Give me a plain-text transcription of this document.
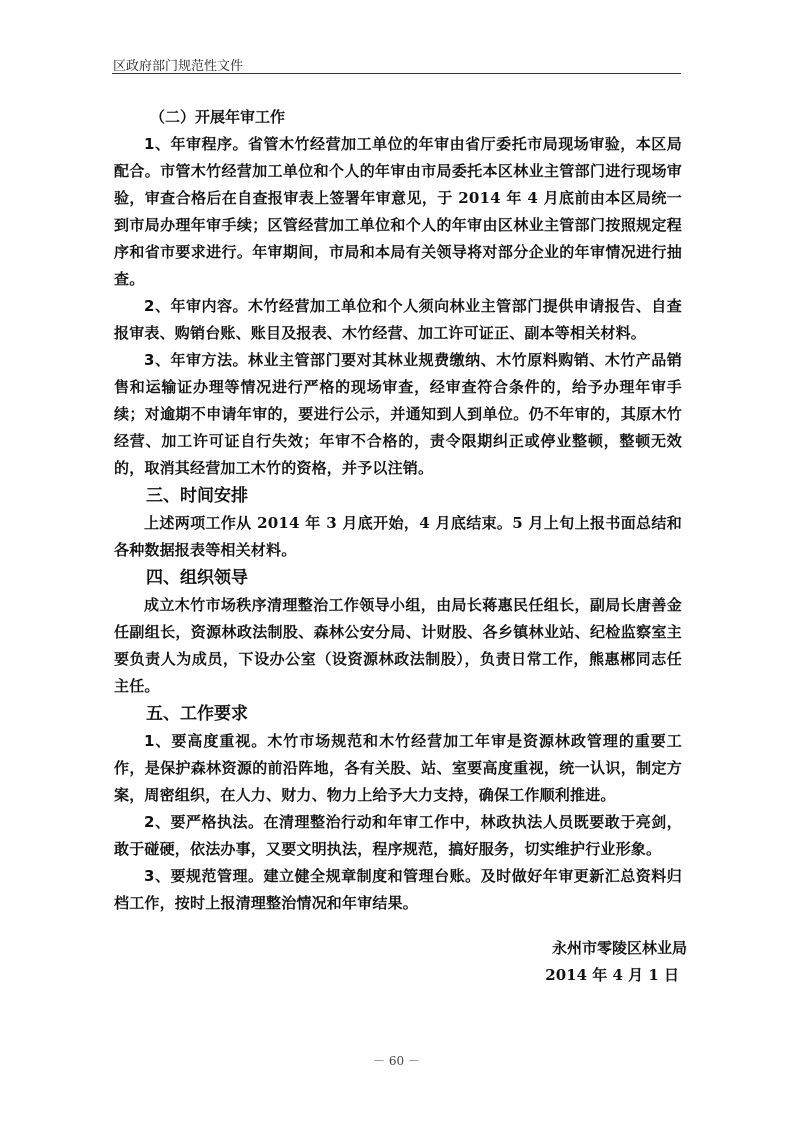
区政府部门规范性文件

（二）开展年审工作

1、年审程序。省管木竹经营加工单位的年审由省厅委托市局现场审验，本区局配合。市管木竹经营加工单位和个人的年审由市局委托本区林业主管部门进行现场审验，审查合格后在自查报审表上签署年审意见，于 2014 年 4 月底前由本区局统一到市局办理年审手续；区管经营加工单位和个人的年审由区林业主管部门按照规定程序和省市要求进行。年审期间，市局和本局有关领导将对部分企业的年审情况进行抽查。

2、年审内容。木竹经营加工单位和个人须向林业主管部门提供申请报告、自查报审表、购销台账、账目及报表、木竹经营、加工许可证正、副本等相关材料。

3、年审方法。林业主管部门要对其林业规费缴纳、木竹原料购销、木竹产品销售和运输证办理等情况进行严格的现场审查，经审查符合条件的，给予办理年审手续；对逾期不申请年审的，要进行公示，并通知到人到单位。仍不年审的，其原木竹经营、加工许可证自行失效；年审不合格的，责令限期纠正或停业整顿，整顿无效的，取消其经营加工木竹的资格，并予以注销。

三、时间安排

上述两项工作从 2014 年 3 月底开始，4 月底结束。5 月上旬上报书面总结和各种数据报表等相关材料。

四、组织领导

成立木竹市场秩序清理整治工作领导小组，由局长蒋惠民任组长，副局长唐善金任副组长，资源林政法制股、森林公安分局、计财股、各乡镇林业站、纪检监察室主要负责人为成员，下设办公室（设资源林政法制股），负责日常工作，熊惠郴同志任主任。

五、工作要求

1、要高度重视。木竹市场规范和木竹经营加工年审是资源林政管理的重要工作，是保护森林资源的前沿阵地，各有关股、站、室要高度重视，统一认识，制定方案，周密组织，在人力、财力、物力上给予大力支持，确保工作顺利推进。

2、要严格执法。在清理整治行动和年审工作中，林政执法人员既要敢于亮剑，敢于碰硬，依法办事，又要文明执法，程序规范，搞好服务，切实维护行业形象。

3、要规范管理。建立健全规章制度和管理台账。及时做好年审更新汇总资料归档工作，按时上报清理整治情况和年审结果。

永州市零陵区林业局
2014 年 4 月 1 日
－ 60 －
